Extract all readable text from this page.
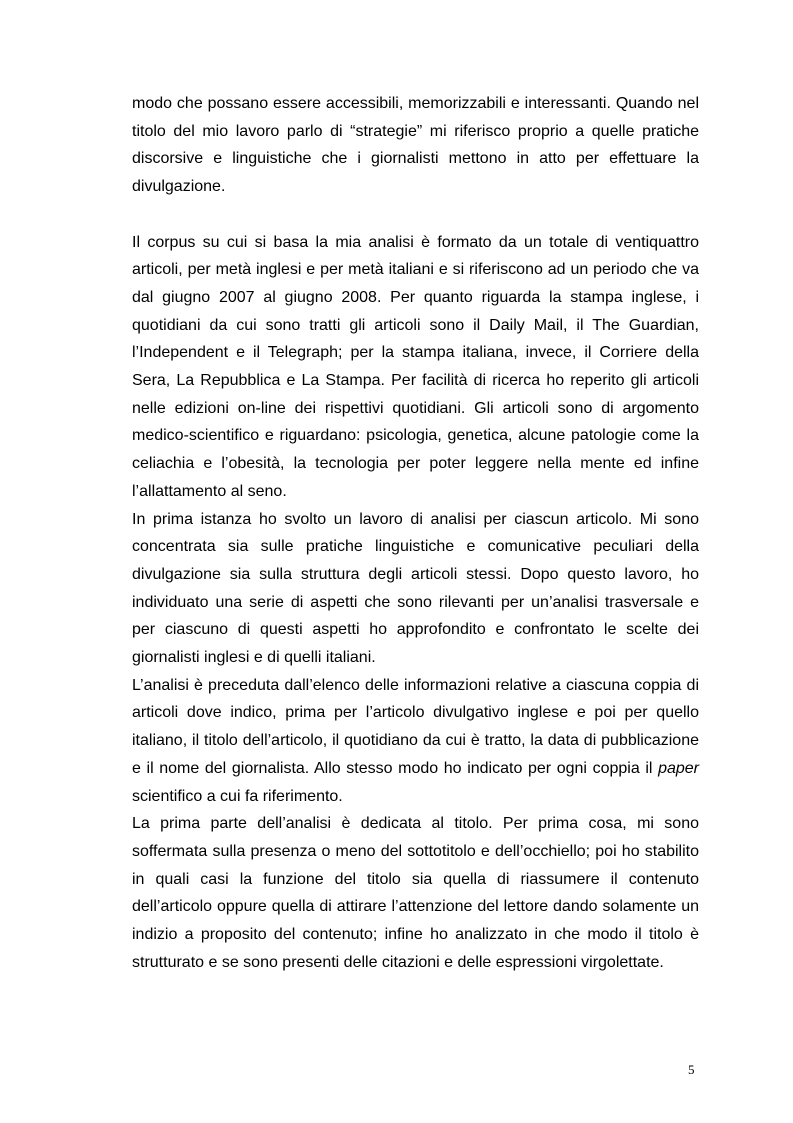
modo che possano essere accessibili, memorizzabili e interessanti. Quando nel
titolo del mio lavoro parlo di “strategie” mi riferisco proprio a quelle pratiche
discorsive e linguistiche che i giornalisti mettono in atto per effettuare la
divulgazione.
Il corpus su cui si basa la mia analisi è formato da un totale di ventiquattro
articoli, per metà inglesi e per metà italiani e si riferiscono ad un periodo che va
dal giugno 2007 al giugno 2008. Per quanto riguarda la stampa inglese, i
quotidiani da cui sono tratti gli articoli sono il Daily Mail, il The Guardian,
l’Independent e il Telegraph; per la stampa italiana, invece, il Corriere della
Sera, La Repubblica e La Stampa. Per facilità di ricerca ho reperito gli articoli
nelle edizioni on-line dei rispettivi quotidiani. Gli articoli sono di argomento
medico-scientifico e riguardano: psicologia, genetica, alcune patologie come la
celiachia e l’obesità, la tecnologia per poter leggere nella mente ed infine
l’allattamento al seno.
In prima istanza ho svolto un lavoro di analisi per ciascun articolo. Mi sono
concentrata sia sulle pratiche linguistiche e comunicative peculiari della
divulgazione sia sulla struttura degli articoli stessi. Dopo questo lavoro, ho
individuato una serie di aspetti che sono rilevanti per un’analisi trasversale e
per ciascuno di questi aspetti ho approfondito e confrontato le scelte dei
giornalisti inglesi e di quelli italiani.
L’analisi è preceduta dall’elenco delle informazioni relative a ciascuna coppia di
articoli dove indico, prima per l’articolo divulgativo inglese e poi per quello
italiano, il titolo dell’articolo, il quotidiano da cui è tratto, la data di pubblicazione
e il nome del giornalista. Allo stesso modo ho indicato per ogni coppia il paper
scientifico a cui fa riferimento.
La prima parte dell’analisi è dedicata al titolo. Per prima cosa, mi sono
soffermata sulla presenza o meno del sottotitolo e dell’occhiello; poi ho stabilito
in quali casi la funzione del titolo sia quella di riassumere il contenuto
dell’articolo oppure quella di attirare l’attenzione del lettore dando solamente un
indizio a proposito del contenuto; infine ho analizzato in che modo il titolo è
strutturato e se sono presenti delle citazioni e delle espressioni virgolettate.
5
